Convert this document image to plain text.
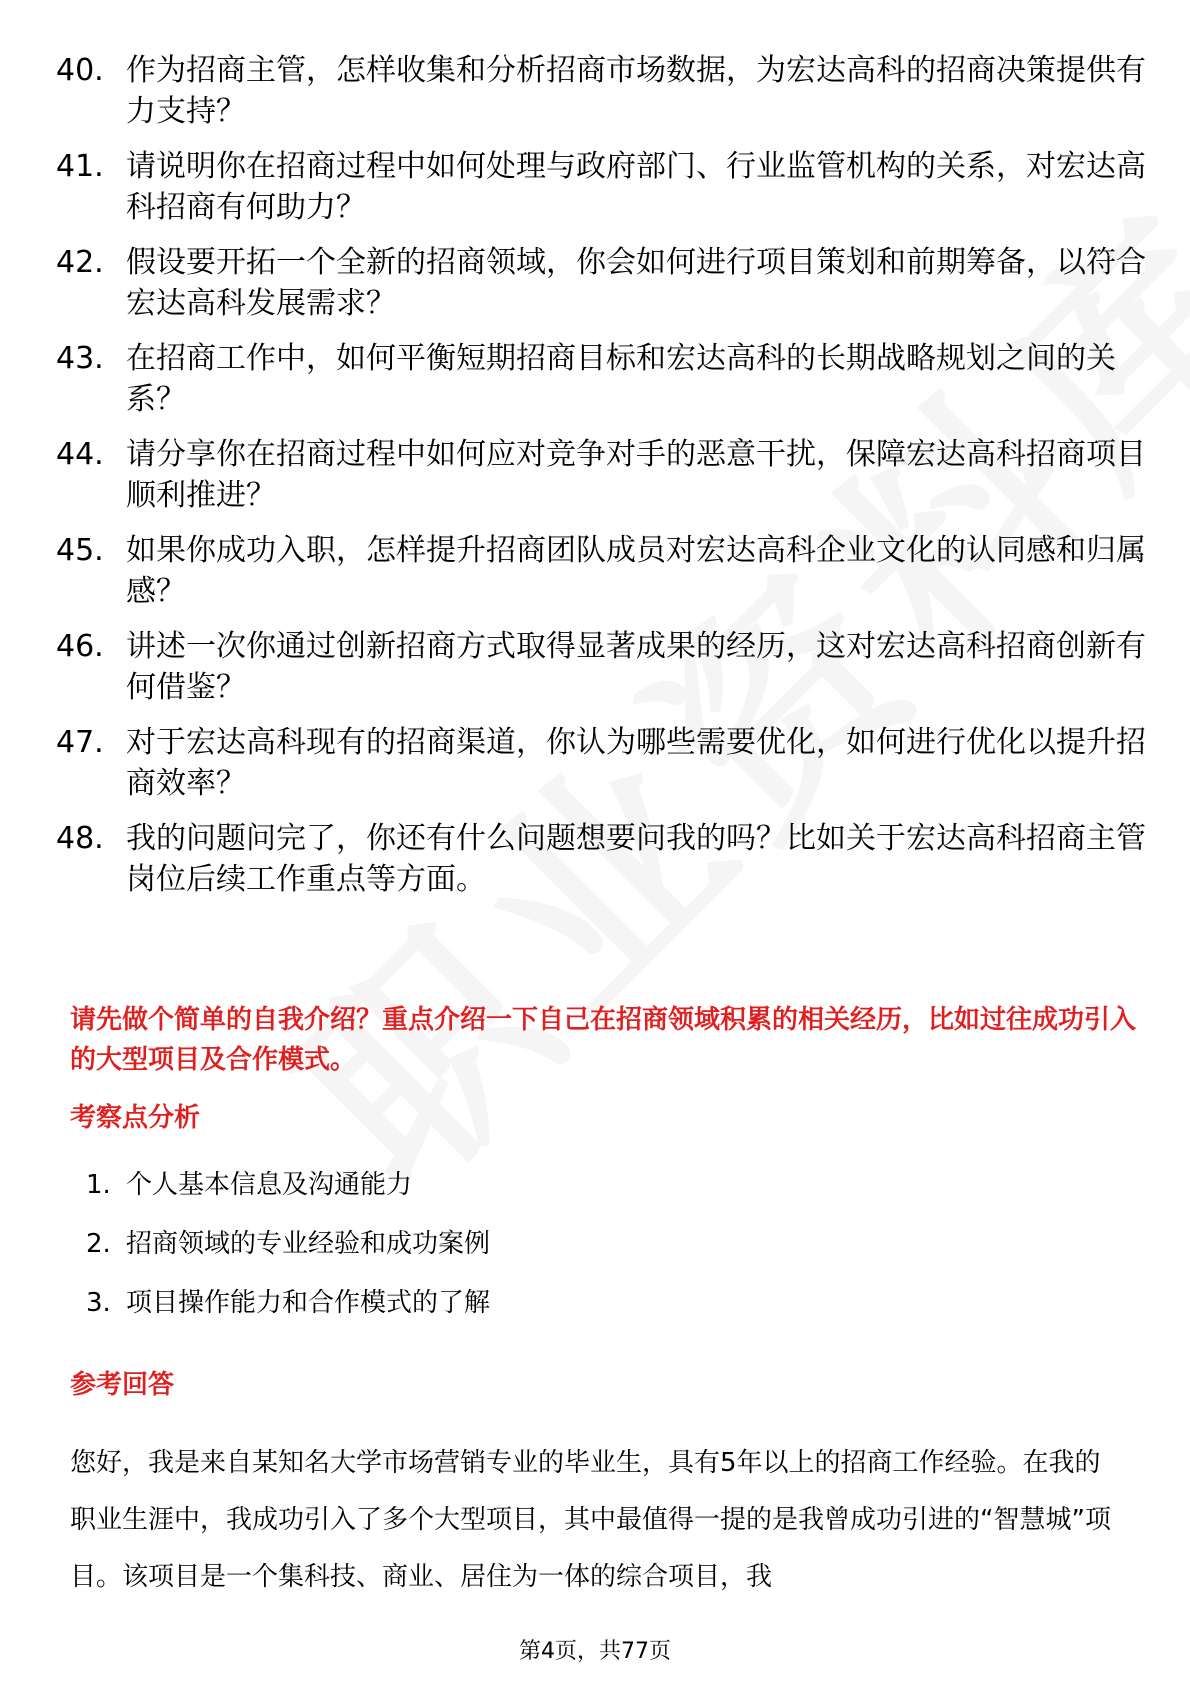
40. 作为招商主管，怎样收集和分析招商市场数据，为宏达高科的招商决策提供有力支持？
41. 请说明你在招商过程中如何处理与政府部门、行业监管机构的关系，对宏达高科招商有何助力？
42. 假设要开拓一个全新的招商领域，你会如何进行项目策划和前期筹备，以符合宏达高科发展需求？
43. 在招商工作中，如何平衡短期招商目标和宏达高科的长期战略规划之间的关系？
44. 请分享你在招商过程中如何应对竞争对手的恶意干扰，保障宏达高科招商项目顺利推进？
45. 如果你成功入职，怎样提升招商团队成员对宏达高科企业文化的认同感和归属感？
46. 讲述一次你通过创新招商方式取得显著成果的经历，这对宏达高科招商创新有何借鉴？
47. 对于宏达高科现有的招商渠道，你认为哪些需要优化，如何进行优化以提升招商效率？
48. 我的问题问完了，你还有什么问题想要问我的吗？比如关于宏达高科招商主管岗位后续工作重点等方面。
请先做个简单的自我介绍？重点介绍一下自己在招商领域积累的相关经历，比如过往成功引入的大型项目及合作模式。
考察点分析
1. 个人基本信息及沟通能力
2. 招商领域的专业经验和成功案例
3. 项目操作能力和合作模式的了解
参考回答
您好，我是来自某知名大学市场营销专业的毕业生，具有5年以上的招商工作经验。在我的职业生涯中，我成功引入了多个大型项目，其中最值得一提的是我曾成功引进的“智慧城”项目。该项目是一个集科技、商业、居住为一体的综合项目，我
第4页，共77页
